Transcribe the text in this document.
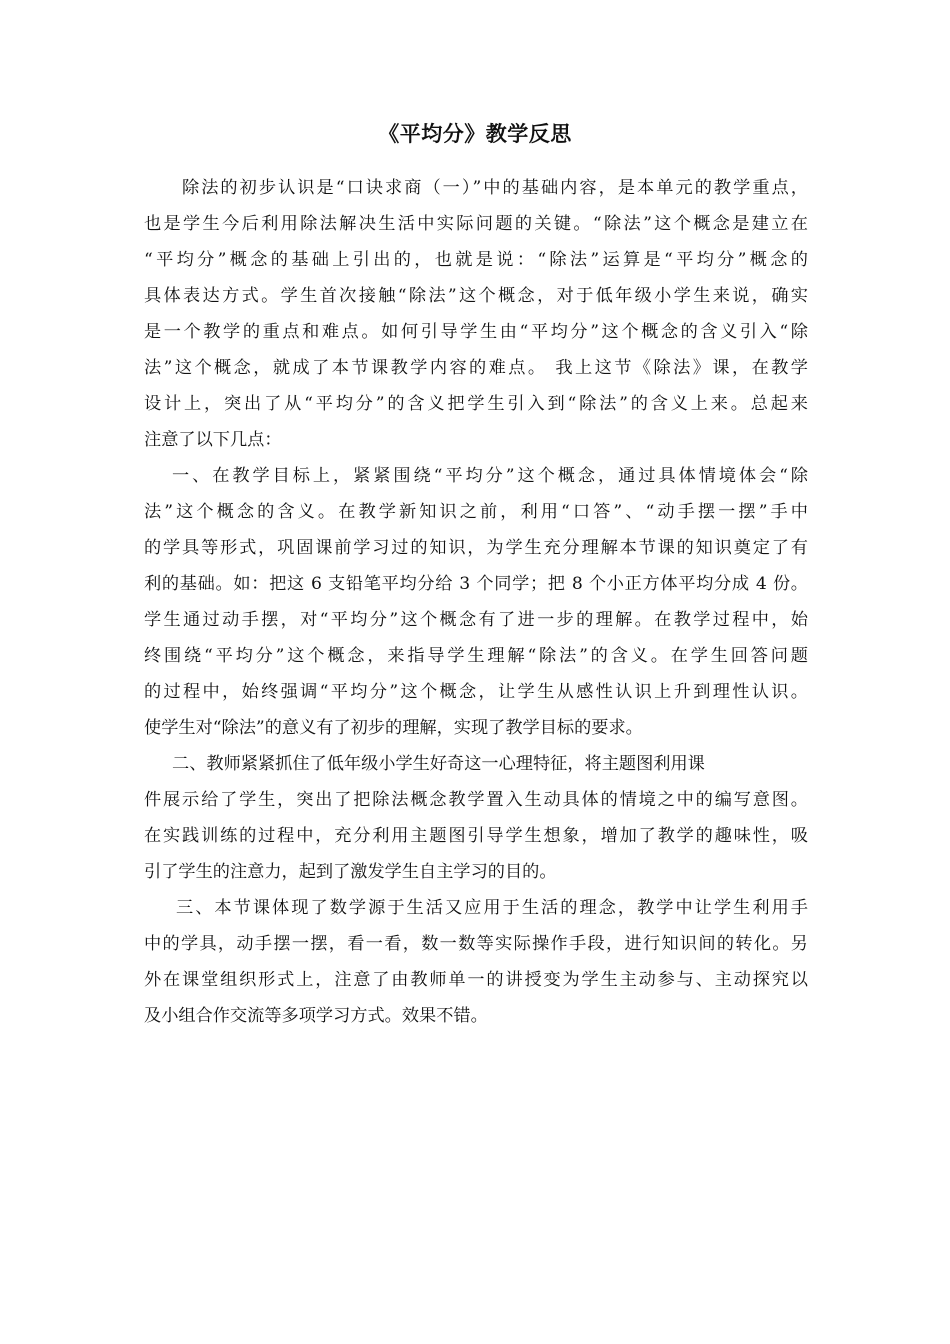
《平均分》教学反思
除法的初步认识是“口诀求商（一）”中的基础内容，是本单元的教学重点，
也是学生今后利用除法解决生活中实际问题的关键。“除法”这个概念是建立在
“平均分”概念的基础上引出的，也就是说：“除法”运算是“平均分”概念的
具体表达方式。学生首次接触“除法”这个概念，对于低年级小学生来说，确实
是一个教学的重点和难点。如何引导学生由“平均分”这个概念的含义引入“除
法”这个概念，就成了本节课教学内容的难点。 我上这节《除法》课，在教学
设计上，突出了从“平均分”的含义把学生引入到“除法”的含义上来。总起来
注意了以下几点：
一、在教学目标上，紧紧围绕“平均分”这个概念，通过具体情境体会“除
法”这个概念的含义。在教学新知识之前，利用“口答”、“动手摆一摆”手中
的学具等形式，巩固课前学习过的知识，为学生充分理解本节课的知识奠定了有
利的基础。如：把这 6 支铅笔平均分给 3 个同学；把 8 个小正方体平均分成 4 份。
学生通过动手摆，对“平均分”这个概念有了进一步的理解。在教学过程中，始
终围绕“平均分”这个概念，来指导学生理解“除法”的含义。在学生回答问题
的过程中，始终强调“平均分”这个概念，让学生从感性认识上升到理性认识。
使学生对“除法”的意义有了初步的理解，实现了教学目标的要求。
二、教师紧紧抓住了低年级小学生好奇这一心理特征，将主题图利用课
件展示给了学生，突出了把除法概念教学置入生动具体的情境之中的编写意图。
在实践训练的过程中，充分利用主题图引导学生想象，增加了教学的趣味性，吸
引了学生的注意力，起到了激发学生自主学习的目的。
三、本节课体现了数学源于生活又应用于生活的理念，教学中让学生利用手
中的学具，动手摆一摆，看一看，数一数等实际操作手段，进行知识间的转化。另
外在课堂组织形式上，注意了由教师单一的讲授变为学生主动参与、主动探究以
及小组合作交流等多项学习方式。效果不错。
